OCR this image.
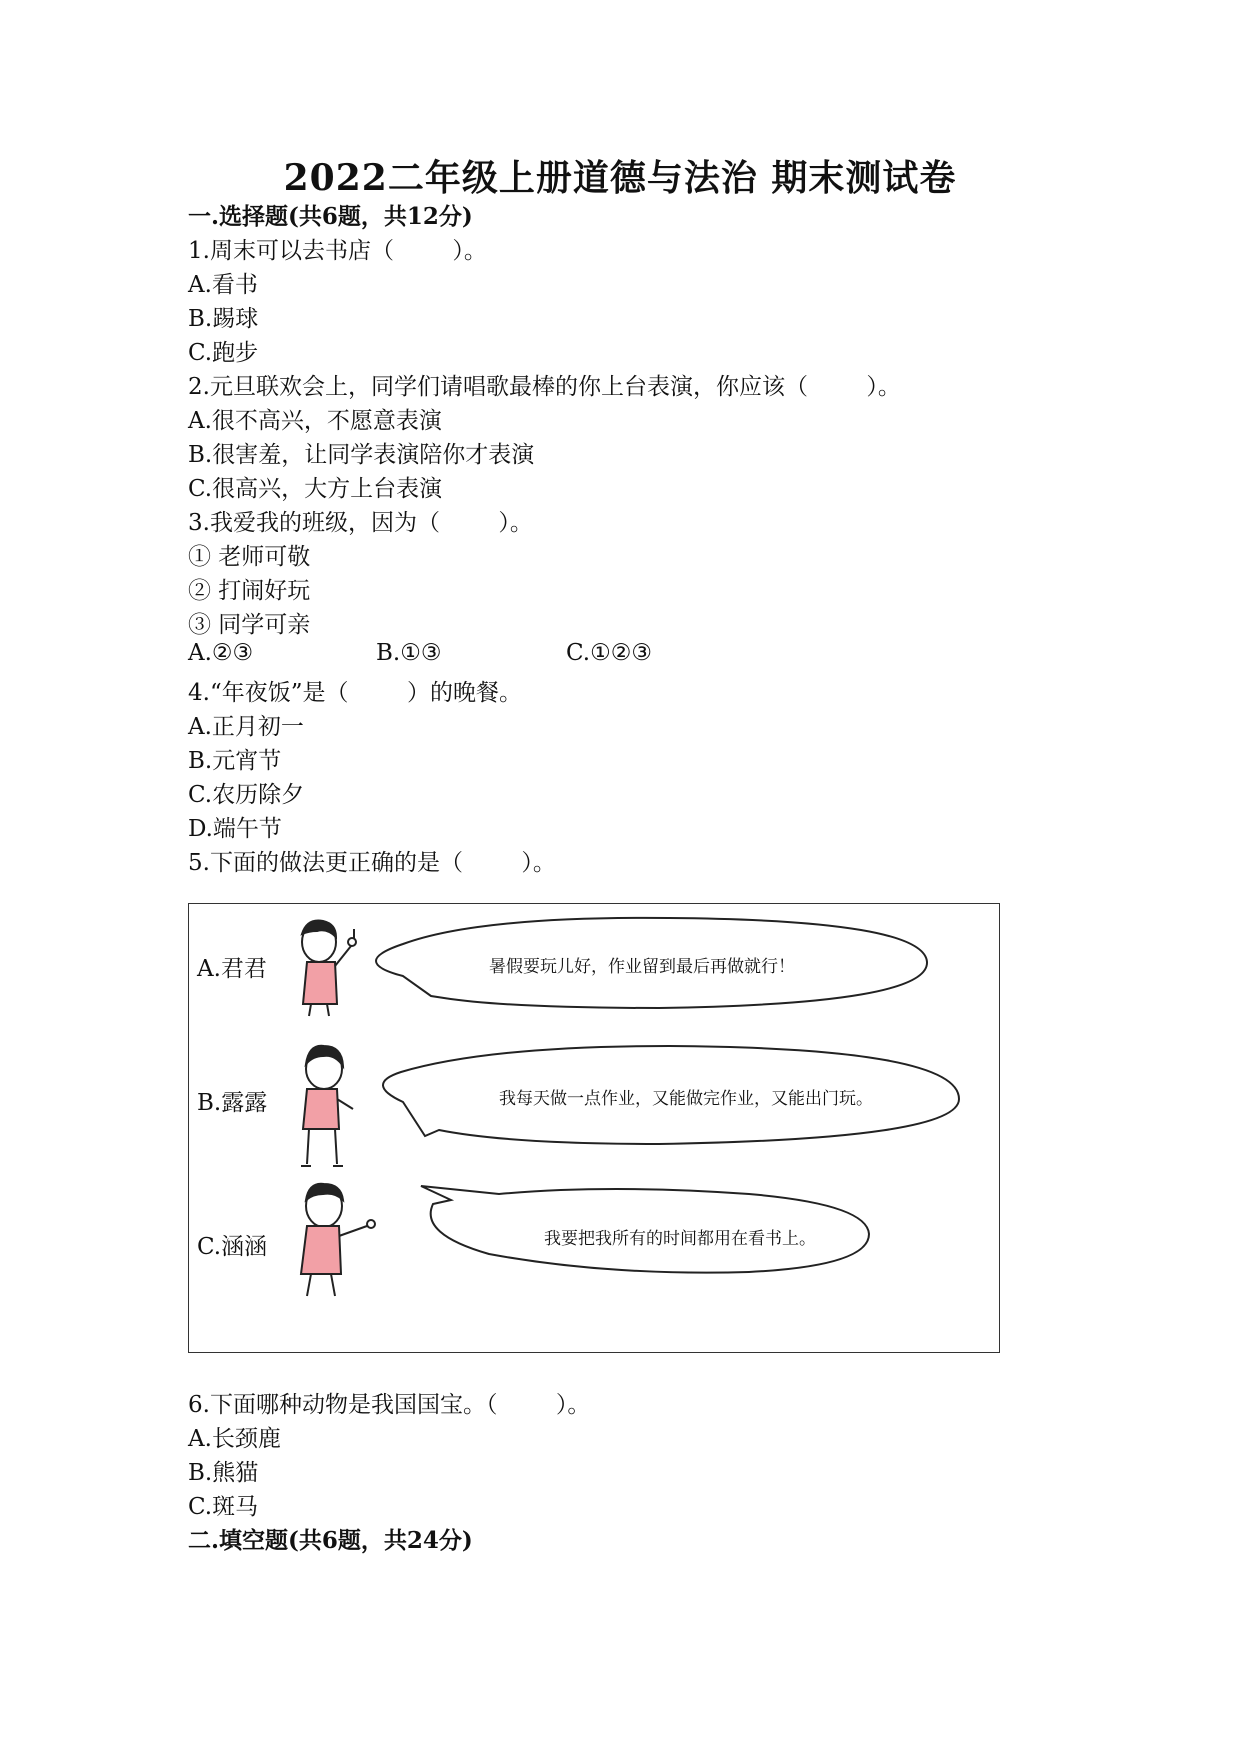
2022二年级上册道德与法治 期末测试卷
一.选择题(共6题，共12分)
1.周末可以去书店（        ）。
A.看书
B.踢球
C.跑步
2.元旦联欢会上，同学们请唱歌最棒的你上台表演，你应该（        ）。
A.很不高兴，不愿意表演
B.很害羞，让同学表演陪你才表演
C.很高兴，大方上台表演
3.我爱我的班级，因为（        ）。
① 老师可敬
② 打闹好玩
③ 同学可亲
A.②③	B.①③	C.①②③
4.“年夜饭”是（        ）的晚餐。
A.正月初一
B.元宵节
C.农历除夕
D.端午节
5.下面的做法更正确的是（        ）。
A.君君	暑假要玩儿好，作业留到最后再做就行！
B.露露	我每天做一点作业，又能做完作业，又能出门玩。
C.涵涵	我要把我所有的时间都用在看书上。
6.下面哪种动物是我国国宝。（        ）。
A.长颈鹿
B.熊猫
C.斑马
二.填空题(共6题，共24分)
